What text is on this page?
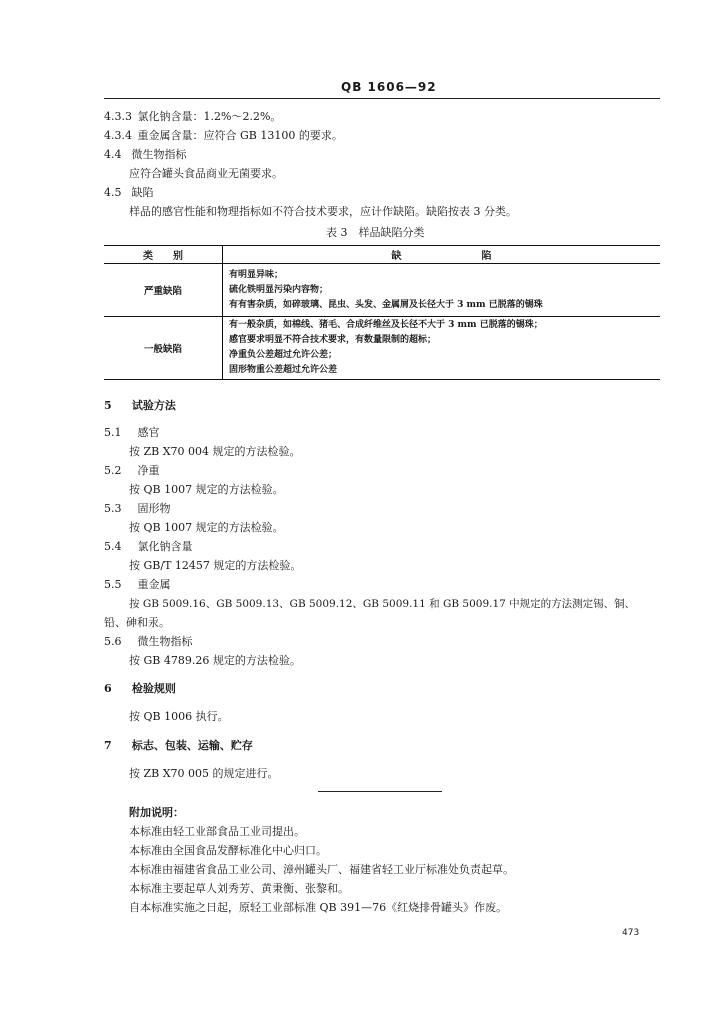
QB 1606—92
4.3.3 氯化钠含量：1.2%～2.2%。
4.3.4 重金属含量：应符合 GB 13100 的要求。
4.4 微生物指标
应符合罐头食品商业无菌要求。
4.5 缺陷
样品的感官性能和物理指标如不符合技术要求，应计作缺陷。缺陷按表 3 分类。
表 3　样品缺陷分类
类　　别	缺　　　　　　　　陷
严重缺陷	有明显异味；
硫化铁明显污染内容物；
有有害杂质，如碎玻璃、昆虫、头发、金属屑及长径大于 3 mm 已脱落的锡珠

一般缺陷	有一般杂质，如棉线、猪毛、合成纤维丝及长径不大于 3 mm 已脱落的锡珠；
感官要求明显不符合技术要求，有数量限制的超标；
净重负公差超过允许公差；
固形物重公差超过允许公差
5 试验方法
5.1 感官
按 ZB X70 004 规定的方法检验。
5.2 净重
按 QB 1007 规定的方法检验。
5.3 固形物
按 QB 1007 规定的方法检验。
5.4 氯化钠含量
按 GB/T 12457 规定的方法检验。
5.5 重金属
按 GB 5009.16、GB 5009.13、GB 5009.12、GB 5009.11 和 GB 5009.17 中规定的方法测定锡、铜、
铅、砷和汞。
5.6 微生物指标
按 GB 4789.26 规定的方法检验。
6 检验规则
按 QB 1006 执行。
7 标志、包装、运输、贮存
按 ZB X70 005 的规定进行。
附加说明：
本标准由轻工业部食品工业司提出。
本标准由全国食品发酵标准化中心归口。
本标准由福建省食品工业公司、漳州罐头厂、福建省轻工业厅标准处负责起草。
本标准主要起草人刘秀芳、黄秉衡、张黎和。
自本标准实施之日起，原轻工业部标准 QB 391—76《红烧排骨罐头》作废。
473
